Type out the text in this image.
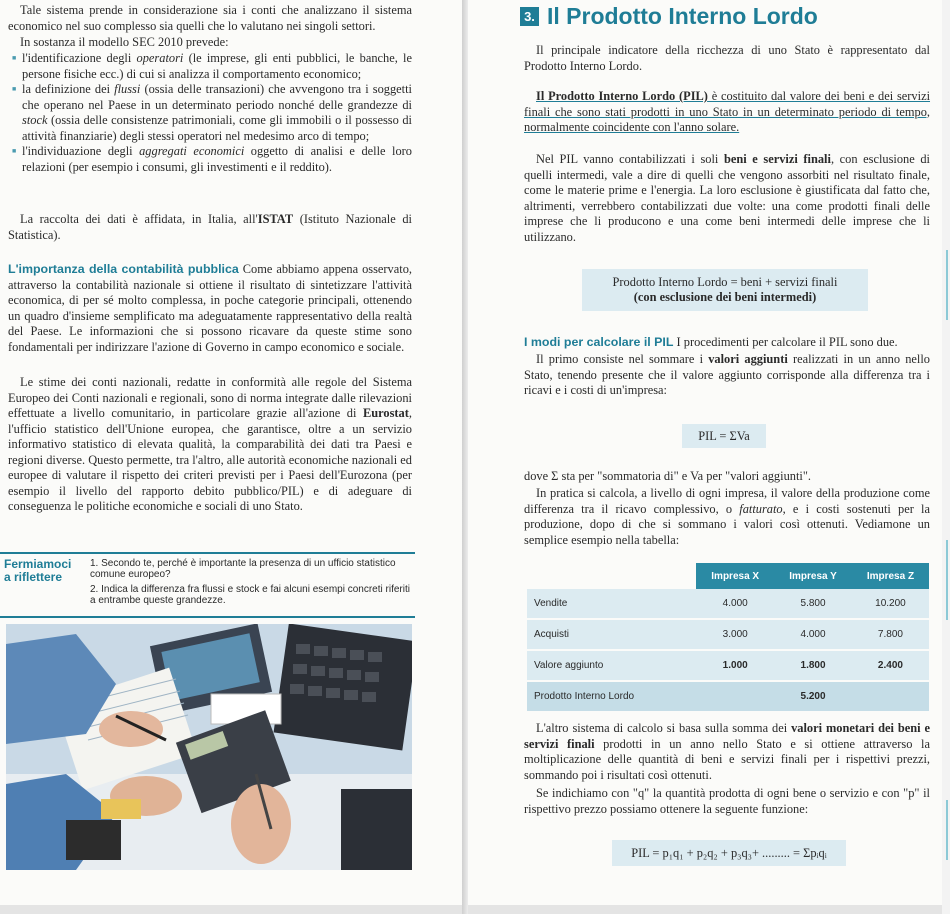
Tale sistema prende in considerazione sia i conti che analizzano il sistema economico nel suo complesso sia quelli che lo valutano nei singoli settori.

In sostanza il modello SEC 2010 prevede:

■ l'identificazione degli operatori (le imprese, gli enti pubblici, le banche, le persone fisiche ecc.) di cui si analizza il comportamento economico;
■ la definizione dei flussi (ossia delle transazioni) che avvengono tra i soggetti che operano nel Paese in un determinato periodo nonché delle grandezze di stock (ossia delle consistenze patrimoniali, come gli immobili o il possesso di attività finanziarie) degli stessi operatori nel medesimo arco di tempo;
■ l'individuazione degli aggregati economici oggetto di analisi e delle loro relazioni (per esempio i consumi, gli investimenti e il reddito).

La raccolta dei dati è affidata, in Italia, all'ISTAT (Istituto Nazionale di Statistica).

L'importanza della contabilità pubblica Come abbiamo appena osservato, attraverso la contabilità nazionale si ottiene il risultato di sintetizzare l'attività economica, di per sé molto complessa, in poche categorie principali, ottenendo un quadro d'insieme semplificato ma adeguatamente rappresentativo della realtà del Paese. Le informazioni che si possono ricavare da queste stime sono fondamentali per indirizzare l'azione di Governo in campo economico e sociale.

Le stime dei conti nazionali, redatte in conformità alle regole del Sistema Europeo dei Conti nazionali e regionali, sono di norma integrate dalle rilevazioni effettuate a livello comunitario, in particolare grazie all'azione di Eurostat, l'ufficio statistico dell'Unione europea, che garantisce, oltre a un servizio informativo statistico di elevata qualità, la comparabilità dei dati tra Paesi e regioni diverse. Questo permette, tra l'altro, alle autorità economiche nazionali ed europee di valutare il rispetto dei criteri previsti per i Paesi dell'Eurozona (per esempio il livello del rapporto debito pubblico/PIL) e di adeguare di conseguenza le politiche economiche e sociali di uno Stato.

Fermiamoci
a riflettere
1. Secondo te, perché è importante la presenza di un ufficio statistico comune europeo?
2. Indica la differenza fra flussi e stock e fai alcuni esempi concreti riferiti a entrambe queste grandezze.
3. Il Prodotto Interno Lordo

Il principale indicatore della ricchezza di uno Stato è rappresentato dal Prodotto Interno Lordo.

Il Prodotto Interno Lordo (PIL) è costituito dal valore dei beni e dei servizi finali che sono stati prodotti in uno Stato in un determinato periodo di tempo, normalmente coincidente con l'anno solare.

Nel PIL vanno contabilizzati i soli beni e servizi finali, con esclusione di quelli intermedi, vale a dire di quelli che vengono assorbiti nel risultato finale, come le materie prime e l'energia. La loro esclusione è giustificata dal fatto che, altrimenti, verrebbero contabilizzati due volte: una come prodotti finali delle imprese che li producono e una come beni intermedi delle imprese che li utilizzano.

Prodotto Interno Lordo = beni + servizi finali
(con esclusione dei beni intermedi)

I modi per calcolare il PIL I procedimenti per calcolare il PIL sono due.

Il primo consiste nel sommare i valori aggiunti realizzati in un anno nello Stato, tenendo presente che il valore aggiunto corrisponde alla differenza tra i ricavi e i costi di un'impresa:

PIL = ΣVa

dove Σ sta per "sommatoria di" e Va per "valori aggiunti".

In pratica si calcola, a livello di ogni impresa, il valore della produzione come differenza tra il ricavo complessivo, o fatturato, e i costi sostenuti per la produzione, dopo di che si sommano i valori così ottenuti. Vediamone un semplice esempio nella tabella:

	Impresa X	Impresa Y	Impresa Z
Vendite	4.000	5.800	10.200
Acquisti	3.000	4.000	7.800
Valore aggiunto	1.000	1.800	2.400
Prodotto Interno Lordo		5.200	

L'altro sistema di calcolo si basa sulla somma dei valori monetari dei beni e servizi finali prodotti in un anno nello Stato e si ottiene attraverso la moltiplicazione delle quantità di beni e servizi finali per i rispettivi prezzi, sommando poi i risultati così ottenuti.

Se indichiamo con "q" la quantità prodotta di ogni bene o servizio e con "p" il rispettivo prezzo possiamo ottenere la seguente funzione:

PIL = p₁q₁ + p₂q₂ + p₃q₃+ ......... = Σpᵢqᵢ
